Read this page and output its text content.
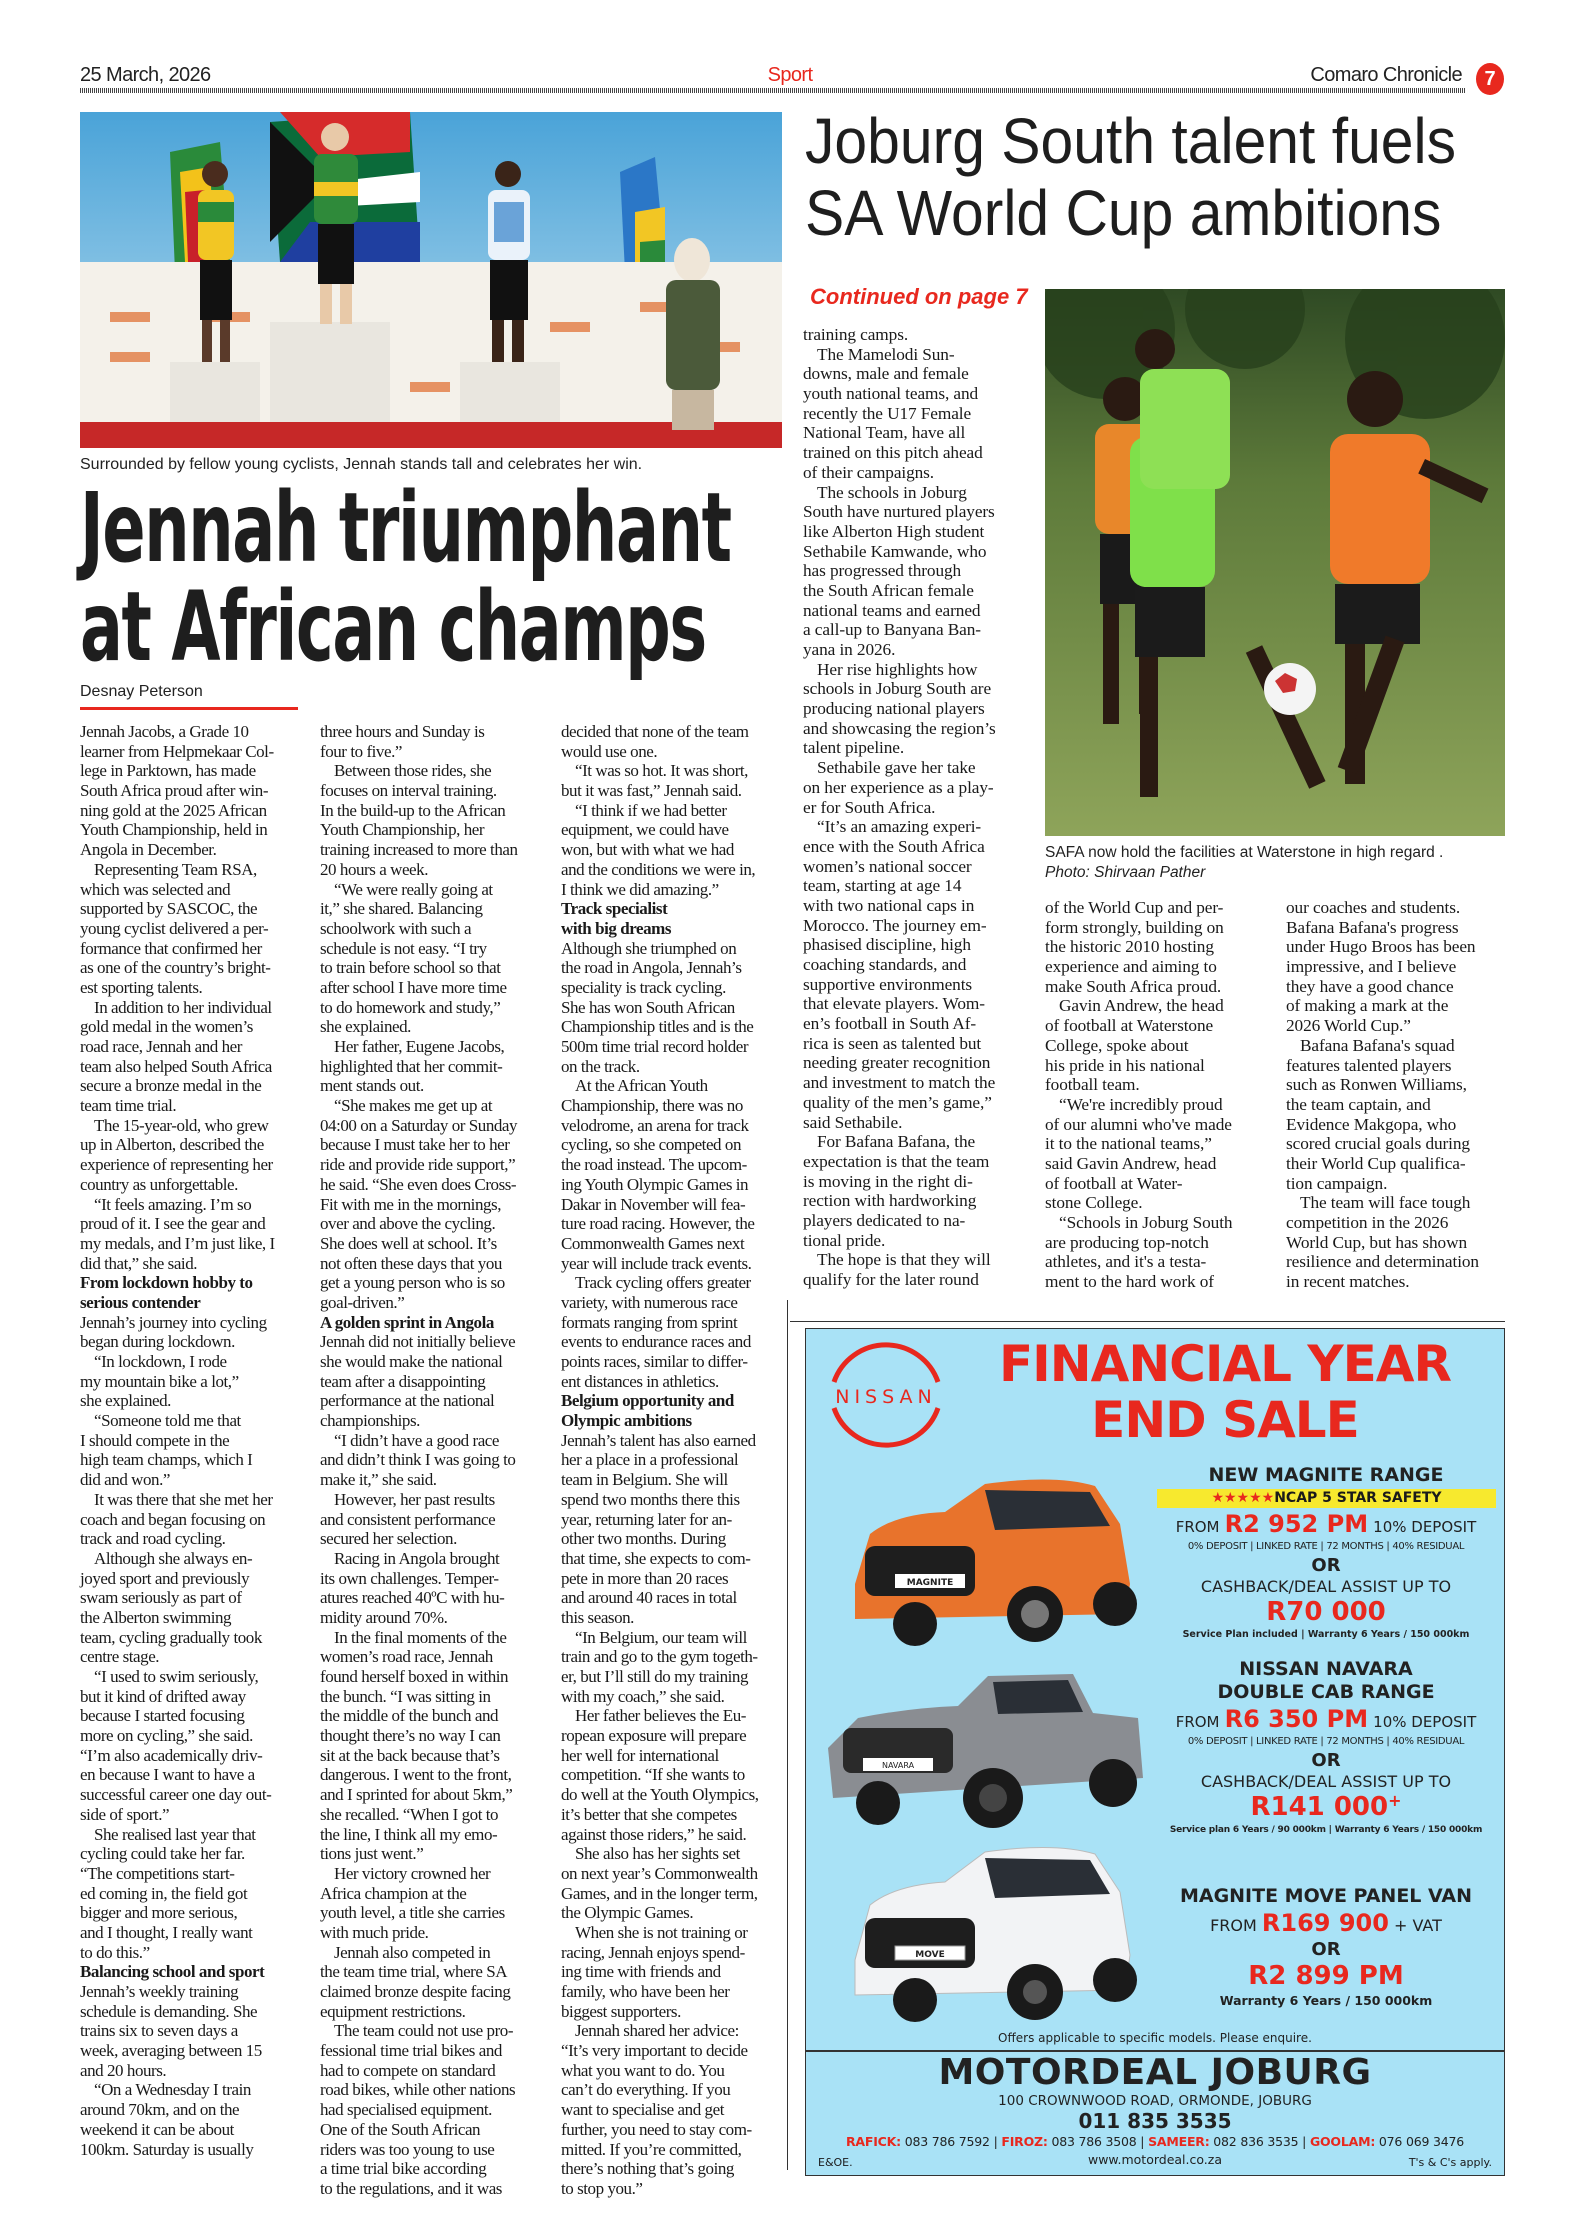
25 March, 2026	Sport	Comaro Chronicle	7
Surrounded by fellow young cyclists, Jennah stands tall and celebrates her win.
Jennah triumphant
at African champs
Desnay Peterson
Jennah Jacobs, a Grade 10
learner from Helpmekaar Col-
lege in Parktown, has made
South Africa proud after win-
ning gold at the 2025 African
Youth Championship, held in
Angola in December.
Representing Team RSA,
which was selected and
supported by SASCOC, the
young cyclist delivered a per-
formance that confirmed her
as one of the country’s bright-
est sporting talents.
In addition to her individual
gold medal in the women’s
road race, Jennah and her
team also helped South Africa
secure a bronze medal in the
team time trial.
The 15-year-old, who grew
up in Alberton, described the
experience of representing her
country as unforgettable.
“It feels amazing. I’m so
proud of it. I see the gear and
my medals, and I’m just like, I
did that,” she said.
From lockdown hobby to
serious contender
Jennah’s journey into cycling
began during lockdown.
“In lockdown, I rode
my mountain bike a lot,”
she explained.
“Someone told me that
I should compete in the
high team champs, which I
did and won.”
It was there that she met her
coach and began focusing on
track and road cycling.
Although she always en-
joyed sport and previously
swam seriously as part of
the Alberton swimming
team, cycling gradually took
centre stage.
“I used to swim seriously,
but it kind of drifted away
because I started focusing
more on cycling,” she said.
“I’m also academically driv-
en because I want to have a
successful career one day out-
side of sport.”
She realised last year that
cycling could take her far.
“The competitions start-
ed coming in, the field got
bigger and more serious,
and I thought, I really want
to do this.”
Balancing school and sport
Jennah’s weekly training
schedule is demanding. She
trains six to seven days a
week, averaging between 15
and 20 hours.
“On a Wednesday I train
around 70km, and on the
weekend it can be about
100km. Saturday is usually
three hours and Sunday is
four to five.”
Between those rides, she
focuses on interval training.
In the build-up to the African
Youth Championship, her
training increased to more than
20 hours a week.
“We were really going at
it,” she shared. Balancing
schoolwork with such a
schedule is not easy. “I try
to train before school so that
after school I have more time
to do homework and study,”
she explained.
Her father, Eugene Jacobs,
highlighted that her commit-
ment stands out.
“She makes me get up at
04:00 on a Saturday or Sunday
because I must take her to her
ride and provide ride support,”
he said. “She even does Cross-
Fit with me in the mornings,
over and above the cycling.
She does well at school. It’s
not often these days that you
get a young person who is so
goal-driven.”
A golden sprint in Angola
Jennah did not initially believe
she would make the national
team after a disappointing
performance at the national
championships.
“I didn’t have a good race
and didn’t think I was going to
make it,” she said.
However, her past results
and consistent performance
secured her selection.
Racing in Angola brought
its own challenges. Temper-
atures reached 40ºC with hu-
midity around 70%.
In the final moments of the
women’s road race, Jennah
found herself boxed in within
the bunch. “I was sitting in
the middle of the bunch and
thought there’s no way I can
sit at the back because that’s
dangerous. I went to the front,
and I sprinted for about 5km,”
she recalled. “When I got to
the line, I think all my emo-
tions just went.”
Her victory crowned her
Africa champion at the
youth level, a title she carries
with much pride.
Jennah also competed in
the team time trial, where SA
claimed bronze despite facing
equipment restrictions.
The team could not use pro-
fessional time trial bikes and
had to compete on standard
road bikes, while other nations
had specialised equipment.
One of the South African
riders was too young to use
a time trial bike according
to the regulations, and it was
decided that none of the team
would use one.
“It was so hot. It was short,
but it was fast,” Jennah said.
“I think if we had better
equipment, we could have
won, but with what we had
and the conditions we were in,
I think we did amazing.”
Track specialist
with big dreams
Although she triumphed on
the road in Angola, Jennah’s
speciality is track cycling.
She has won South African
Championship titles and is the
500m time trial record holder
on the track.
At the African Youth
Championship, there was no
velodrome, an arena for track
cycling, so she competed on
the road instead. The upcom-
ing Youth Olympic Games in
Dakar in November will fea-
ture road racing. However, the
Commonwealth Games next
year will include track events.
Track cycling offers greater
variety, with numerous race
formats ranging from sprint
events to endurance races and
points races, similar to differ-
ent distances in athletics.
Belgium opportunity and
Olympic ambitions
Jennah’s talent has also earned
her a place in a professional
team in Belgium. She will
spend two months there this
year, returning later for an-
other two months. During
that time, she expects to com-
pete in more than 20 races
and around 40 races in total
this season.
“In Belgium, our team will
train and go to the gym togeth-
er, but I’ll still do my training
with my coach,” she said.
Her father believes the Eu-
ropean exposure will prepare
her well for international
competition. “If she wants to
do well at the Youth Olympics,
it’s better that she competes
against those riders,” he said.
She also has her sights set
on next year’s Commonwealth
Games, and in the longer term,
the Olympic Games.
When she is not training or
racing, Jennah enjoys spend-
ing time with friends and
family, who have been her
biggest supporters.
Jennah shared her advice:
“It’s very important to decide
what you want to do. You
can’t do everything. If you
want to specialise and get
further, you need to stay com-
mitted. If you’re committed,
there’s nothing that’s going
to stop you.”
Joburg South talent fuels
SA World Cup ambitions
Continued on page 7
SAFA now hold the facilities at Waterstone in high regard .
Photo: Shirvaan Pather
training camps.
The Mamelodi Sun-
downs, male and female
youth national teams, and
recently the U17 Female
National Team, have all
trained on this pitch ahead
of their campaigns.
The schools in Joburg
South have nurtured players
like Alberton High student
Sethabile Kamwande, who
has progressed through
the South African female
national teams and earned
a call-up to Banyana Ban-
yana in 2026.
Her rise highlights how
schools in Joburg South are
producing national players
and showcasing the region’s
talent pipeline.
Sethabile gave her take
on her experience as a play-
er for South Africa.
“It’s an amazing experi-
ence with the South Africa
women’s national soccer
team, starting at age 14
with two national caps in
Morocco. The journey em-
phasised discipline, high
coaching standards, and
supportive environments
that elevate players. Wom-
en’s football in South Af-
rica is seen as talented but
needing greater recognition
and investment to match the
quality of the men’s game,”
said Sethabile.
For Bafana Bafana, the
expectation is that the team
is moving in the right di-
rection with hardworking
players dedicated to na-
tional pride.
The hope is that they will
qualify for the later round
of the World Cup and per-
form strongly, building on
the historic 2010 hosting
experience and aiming to
make South Africa proud.
Gavin Andrew, the head
of football at Waterstone
College, spoke about
his pride in his national
football team.
“We're incredibly proud
of our alumni who've made
it to the national teams,”
said Gavin Andrew, head
of football at Water-
stone College.
“Schools in Joburg South
are producing top-notch
athletes, and it's a testa-
ment to the hard work of
our coaches and students.
Bafana Bafana's progress
under Hugo Broos has been
impressive, and I believe
they have a good chance
of making a mark at the
2026 World Cup.”
Bafana Bafana's squad
features talented players
such as Ronwen Williams,
the team captain, and
Evidence Makgopa, who
scored crucial goals during
their World Cup qualifica-
tion campaign.
The team will face tough
competition in the 2026
World Cup, but has shown
resilience and determination
in recent matches.
NISSAN
FINANCIAL YEAR
END SALE
MAGNITE
NAVARA
MOVE
NEW MAGNITE RANGE
★★★★★NCAP 5 STAR SAFETY
FROM R2 952 PM 10% DEPOSIT
0% DEPOSIT | LINKED RATE | 72 MONTHS | 40% RESIDUAL
OR
CASHBACK/DEAL ASSIST UP TO
R70 000
Service Plan included | Warranty 6 Years / 150 000km
NISSAN NAVARA
DOUBLE CAB RANGE
FROM R6 350 PM 10% DEPOSIT
0% DEPOSIT | LINKED RATE | 72 MONTHS | 40% RESIDUAL
OR
CASHBACK/DEAL ASSIST UP TO
R141 000+
Service plan 6 Years / 90 000km | Warranty 6 Years / 150 000km
MAGNITE MOVE PANEL VAN
FROM R169 900 + VAT
OR
R2 899 PM
Warranty 6 Years / 150 000km
Offers applicable to specific models. Please enquire.
MOTORDEAL JOBURG
100 CROWNWOOD ROAD, ORMONDE, JOBURG
011 835 3535
RAFICK: 083 786 7592 | FIROZ: 083 786 3508 | SAMEER: 082 836 3535 | GOOLAM: 076 069 3476
E&OE.	www.motordeal.co.za	T's & C's apply.
